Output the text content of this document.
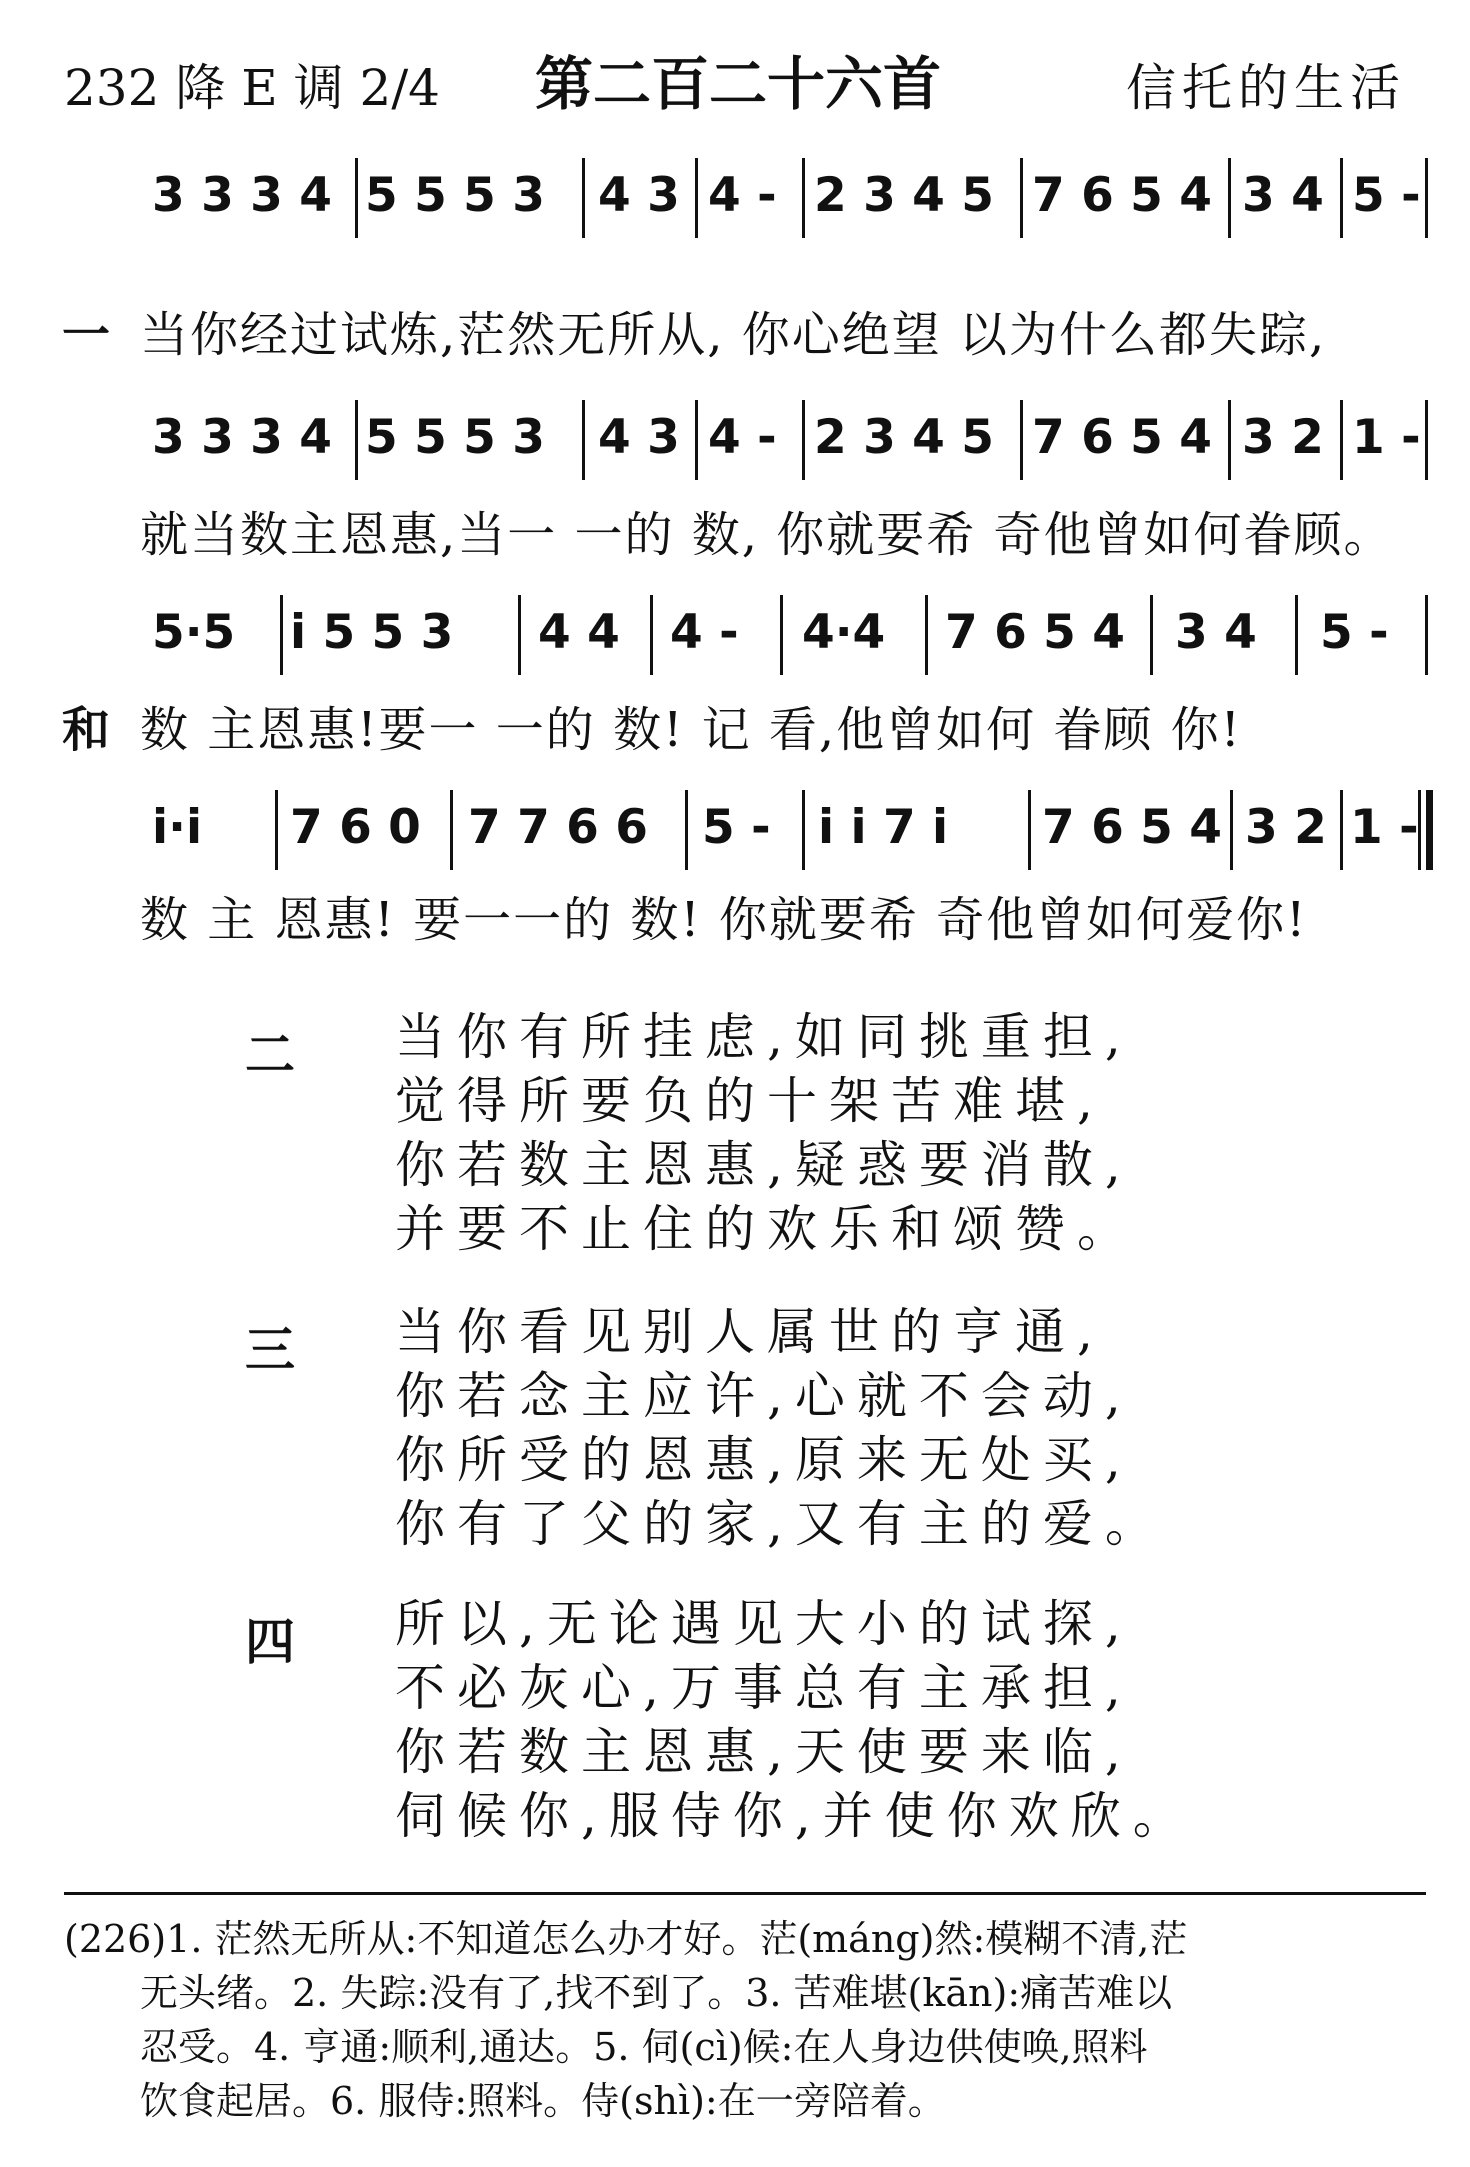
232 降 E 调 2/4 第二百二十六首	信托的生活
3 3 3 4 5 5 5 3 4 3 4 - 2 3 4 5 7 6 5 4 3 4 5 -
一 当你经过试炼,茫然无所从, 你心绝望 以为什么都失踪,
3 3 3 4 5 5 5 3 4 3 4 - 2 3 4 5 7 6 5 4 3 2 1 -
就当数主恩惠,当一 一的 数, 你就要希 奇他曾如何眷顾。
5·5 i 5 5 3 4 4 4 - 4·4 7 6 5 4 3 4 5 -
和 数 主恩惠!要一 一的 数! 记 看,他曾如何 眷顾 你!
i·i 7 6 0 7 7 6 6 5 - i i 7 i 7 6 5 4 3 2 1 -
数 主 恩惠! 要一一的 数! 你就要希 奇他曾如何爱你!
二 当你有所挂虑,如同挑重担,
觉得所要负的十架苦难堪,
你若数主恩惠,疑惑要消散,
并要不止住的欢乐和颂赞。
三 当你看见别人属世的亨通,
你若念主应许,心就不会动,
你所受的恩惠,原来无处买,
你有了父的家,又有主的爱。
四 所以,无论遇见大小的试探,
不必灰心,万事总有主承担,
你若数主恩惠,天使要来临,
伺候你,服侍你,并使你欢欣。
(226)1. 茫然无所从:不知道怎么办才好。茫(máng)然:模糊不清,茫
无头绪。2. 失踪:没有了,找不到了。3. 苦难堪(kān):痛苦难以
忍受。4. 亨通:顺利,通达。5. 伺(cì)候:在人身边供使唤,照料
饮食起居。6. 服侍:照料。侍(shì):在一旁陪着。
